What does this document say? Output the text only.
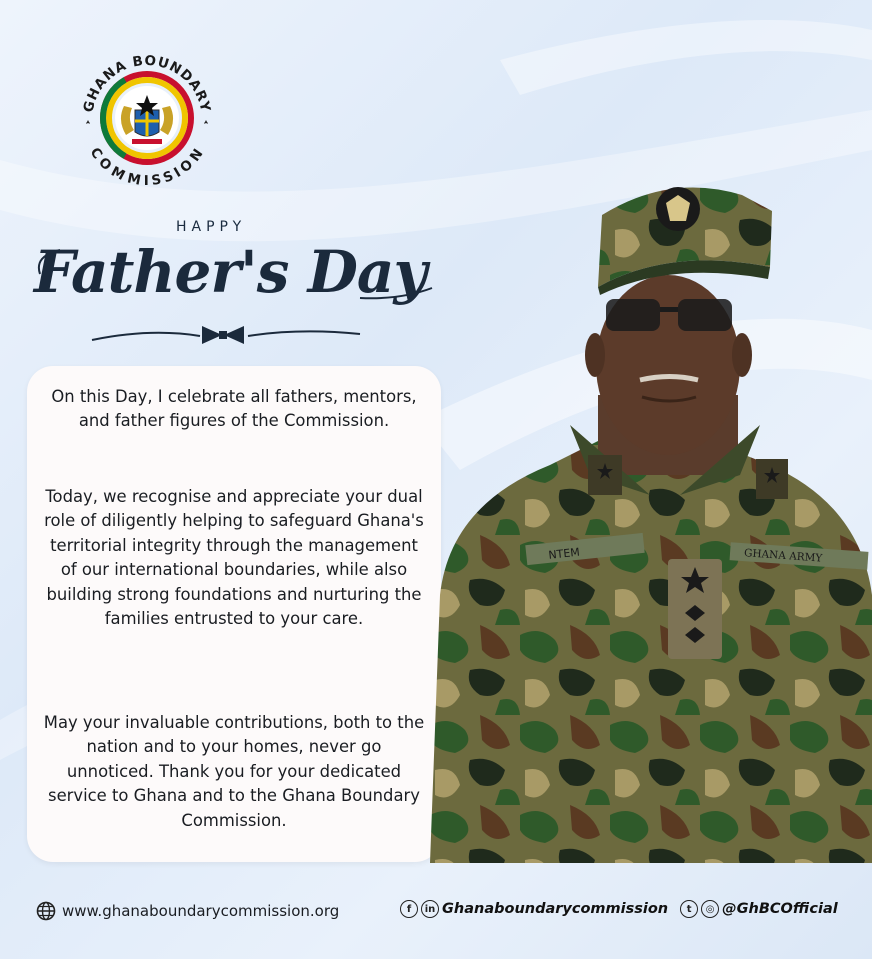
GHANA BOUNDARY
COMMISSION

HAPPY

Father's Day

On this Day, I celebrate all fathers, mentors, and father figures of the Commission.

Today, we recognise and appreciate your dual role of diligently helping to safeguard Ghana's territorial integrity through the management of our international boundaries, while also building strong foundations and nurturing the families entrusted to your care.

May your invaluable contributions, both to the nation and to your homes, never go unnoticed. Thank you for your dedicated service to Ghana and to the Ghana Boundary Commission.

NTEM	GHANA ARMY
www.ghanaboundarycommission.org	f	in Ghanaboundarycommission	t	◎ @GhBCOfficial
